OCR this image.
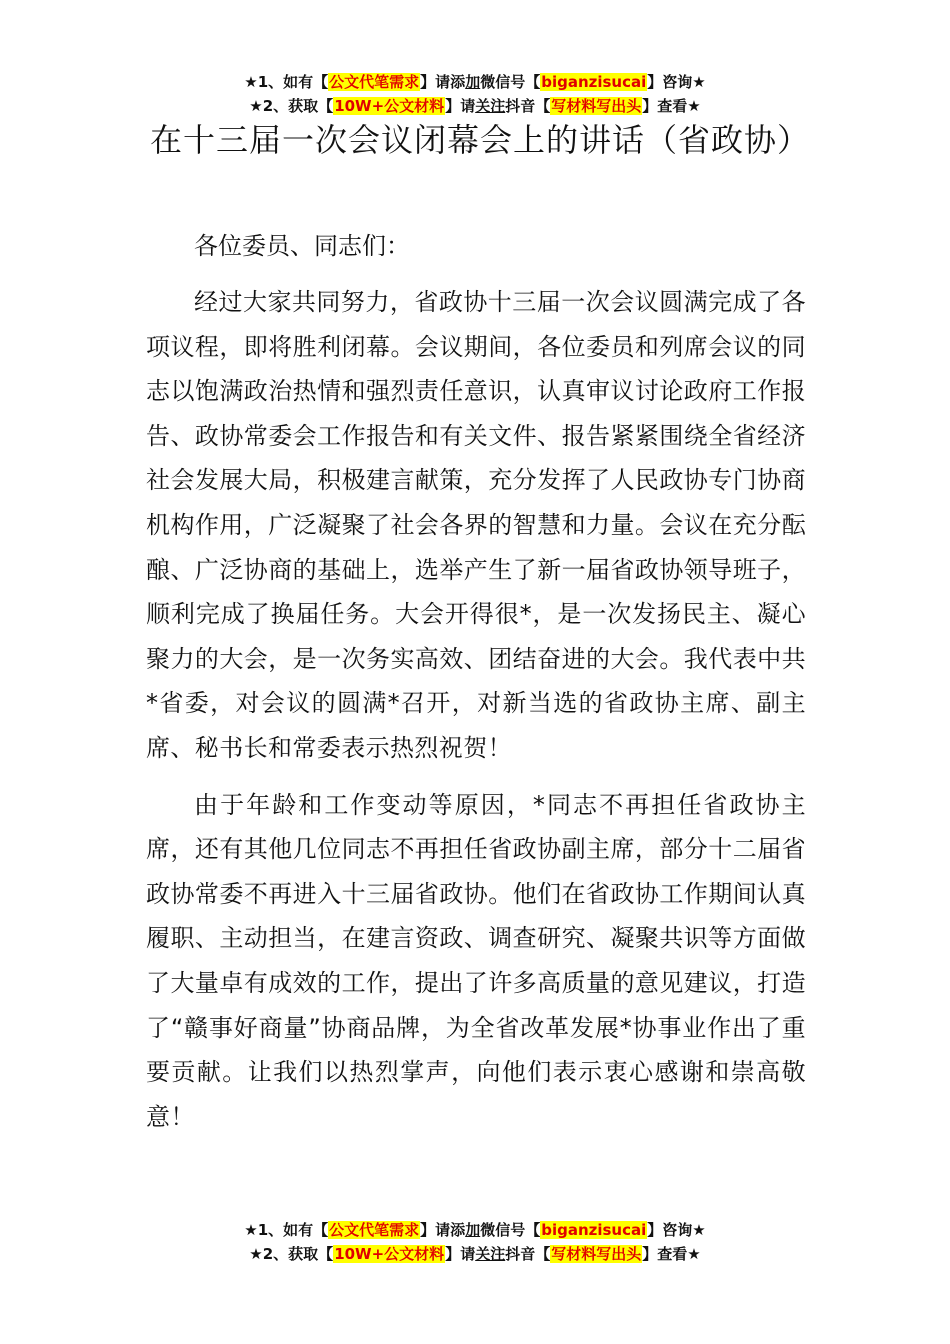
★1、如有【公文代笔需求】请添加微信号【biganzisucai】咨询★
★2、获取【10W+公文材料】请关注抖音【写材料写出头】查看★
在十三届一次会议闭幕会上的讲话（省政协）

各位委员、同志们：

经过大家共同努力，省政协十三届一次会议圆满完成了各项议程，即将胜利闭幕。会议期间，各位委员和列席会议的同志以饱满政治热情和强烈责任意识，认真审议讨论政府工作报告、政协常委会工作报告和有关文件、报告紧紧围绕全省经济社会发展大局，积极建言献策，充分发挥了人民政协专门协商机构作用，广泛凝聚了社会各界的智慧和力量。会议在充分酝酿、广泛协商的基础上，选举产生了新一届省政协领导班子，顺利完成了换届任务。大会开得很*，是一次发扬民主、凝心聚力的大会，是一次务实高效、团结奋进的大会。我代表中共*省委，对会议的圆满*召开，对新当选的省政协主席、副主席、秘书长和常委表示热烈祝贺！

由于年龄和工作变动等原因，*同志不再担任省政协主席，还有其他几位同志不再担任省政协副主席，部分十二届省政协常委不再进入十三届省政协。他们在省政协工作期间认真履职、主动担当，在建言资政、调查研究、凝聚共识等方面做了大量卓有成效的工作，提出了许多高质量的意见建议，打造了“赣事好商量”协商品牌，为全省改革发展*协事业作出了重要贡献。让我们以热烈掌声，向他们表示衷心感谢和崇高敬意！

★1、如有【公文代笔需求】请添加微信号【biganzisucai】咨询★
★2、获取【10W+公文材料】请关注抖音【写材料写出头】查看★
